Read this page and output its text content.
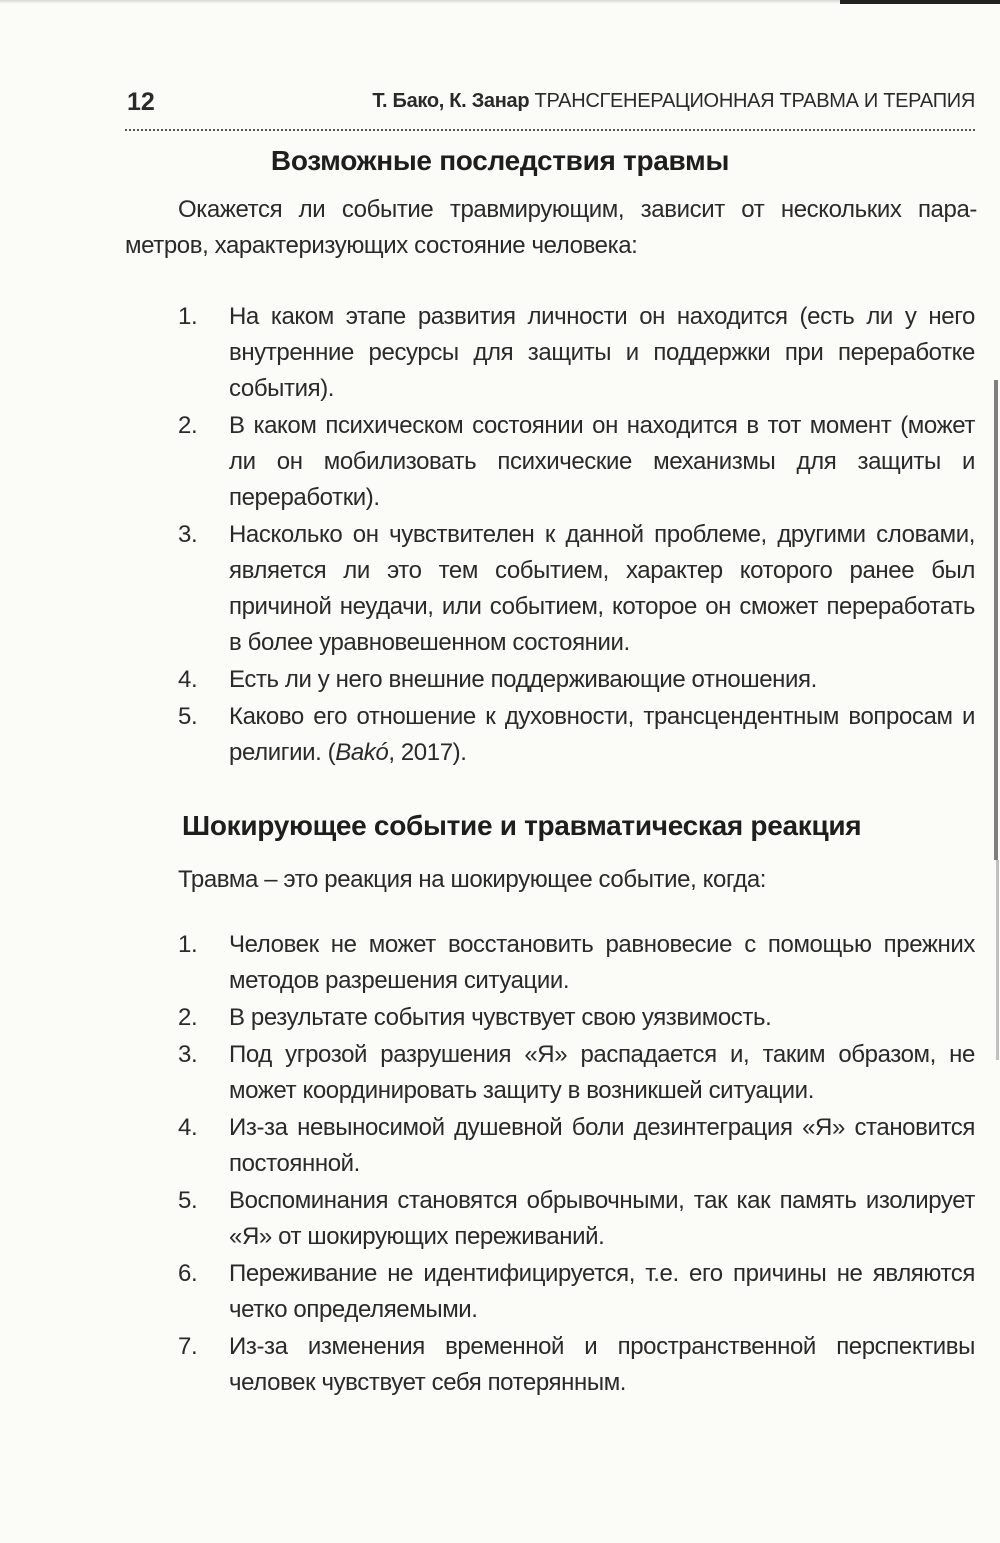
12	Т. Бако, К. Занар ТРАНСГЕНЕРАЦИОННАЯ ТРАВМА И ТЕРАПИЯ
Возможные последствия травмы
Окажется ли событие травмирующим, зависит от нескольких пара-
метров, характеризующих состояние человека:
1. На каком этапе развития личности он находится (есть ли у него внутренние ресурсы для защиты и поддержки при переработке события).
2. В каком психическом состоянии он находится в тот момент (может ли он мобилизовать психические механизмы для защиты и переработки).
3. Насколько он чувствителен к данной проблеме, другими словами, является ли это тем событием, характер которого ранее был причиной неудачи, или событием, которое он сможет переработать в более уравновешенном состоянии.
4. Есть ли у него внешние поддерживающие отношения.
5. Каково его отношение к духовности, трансцендентным вопросам и религии. (Bakó, 2017).
Шокирующее событие и травматическая реакция
Травма – это реакция на шокирующее событие, когда:
1. Человек не может восстановить равновесие с помощью прежних методов разрешения ситуации.
2. В результате события чувствует свою уязвимость.
3. Под угрозой разрушения «Я» распадается и, таким образом, не может координировать защиту в возникшей ситуации.
4. Из-за невыносимой душевной боли дезинтеграция «Я» становится постоянной.
5. Воспоминания становятся обрывочными, так как память изолирует «Я» от шокирующих переживаний.
6. Переживание не идентифицируется, т.е. его причины не являются четко определяемыми.
7. Из-за изменения временной и пространственной перспективы человек чувствует себя потерянным.
